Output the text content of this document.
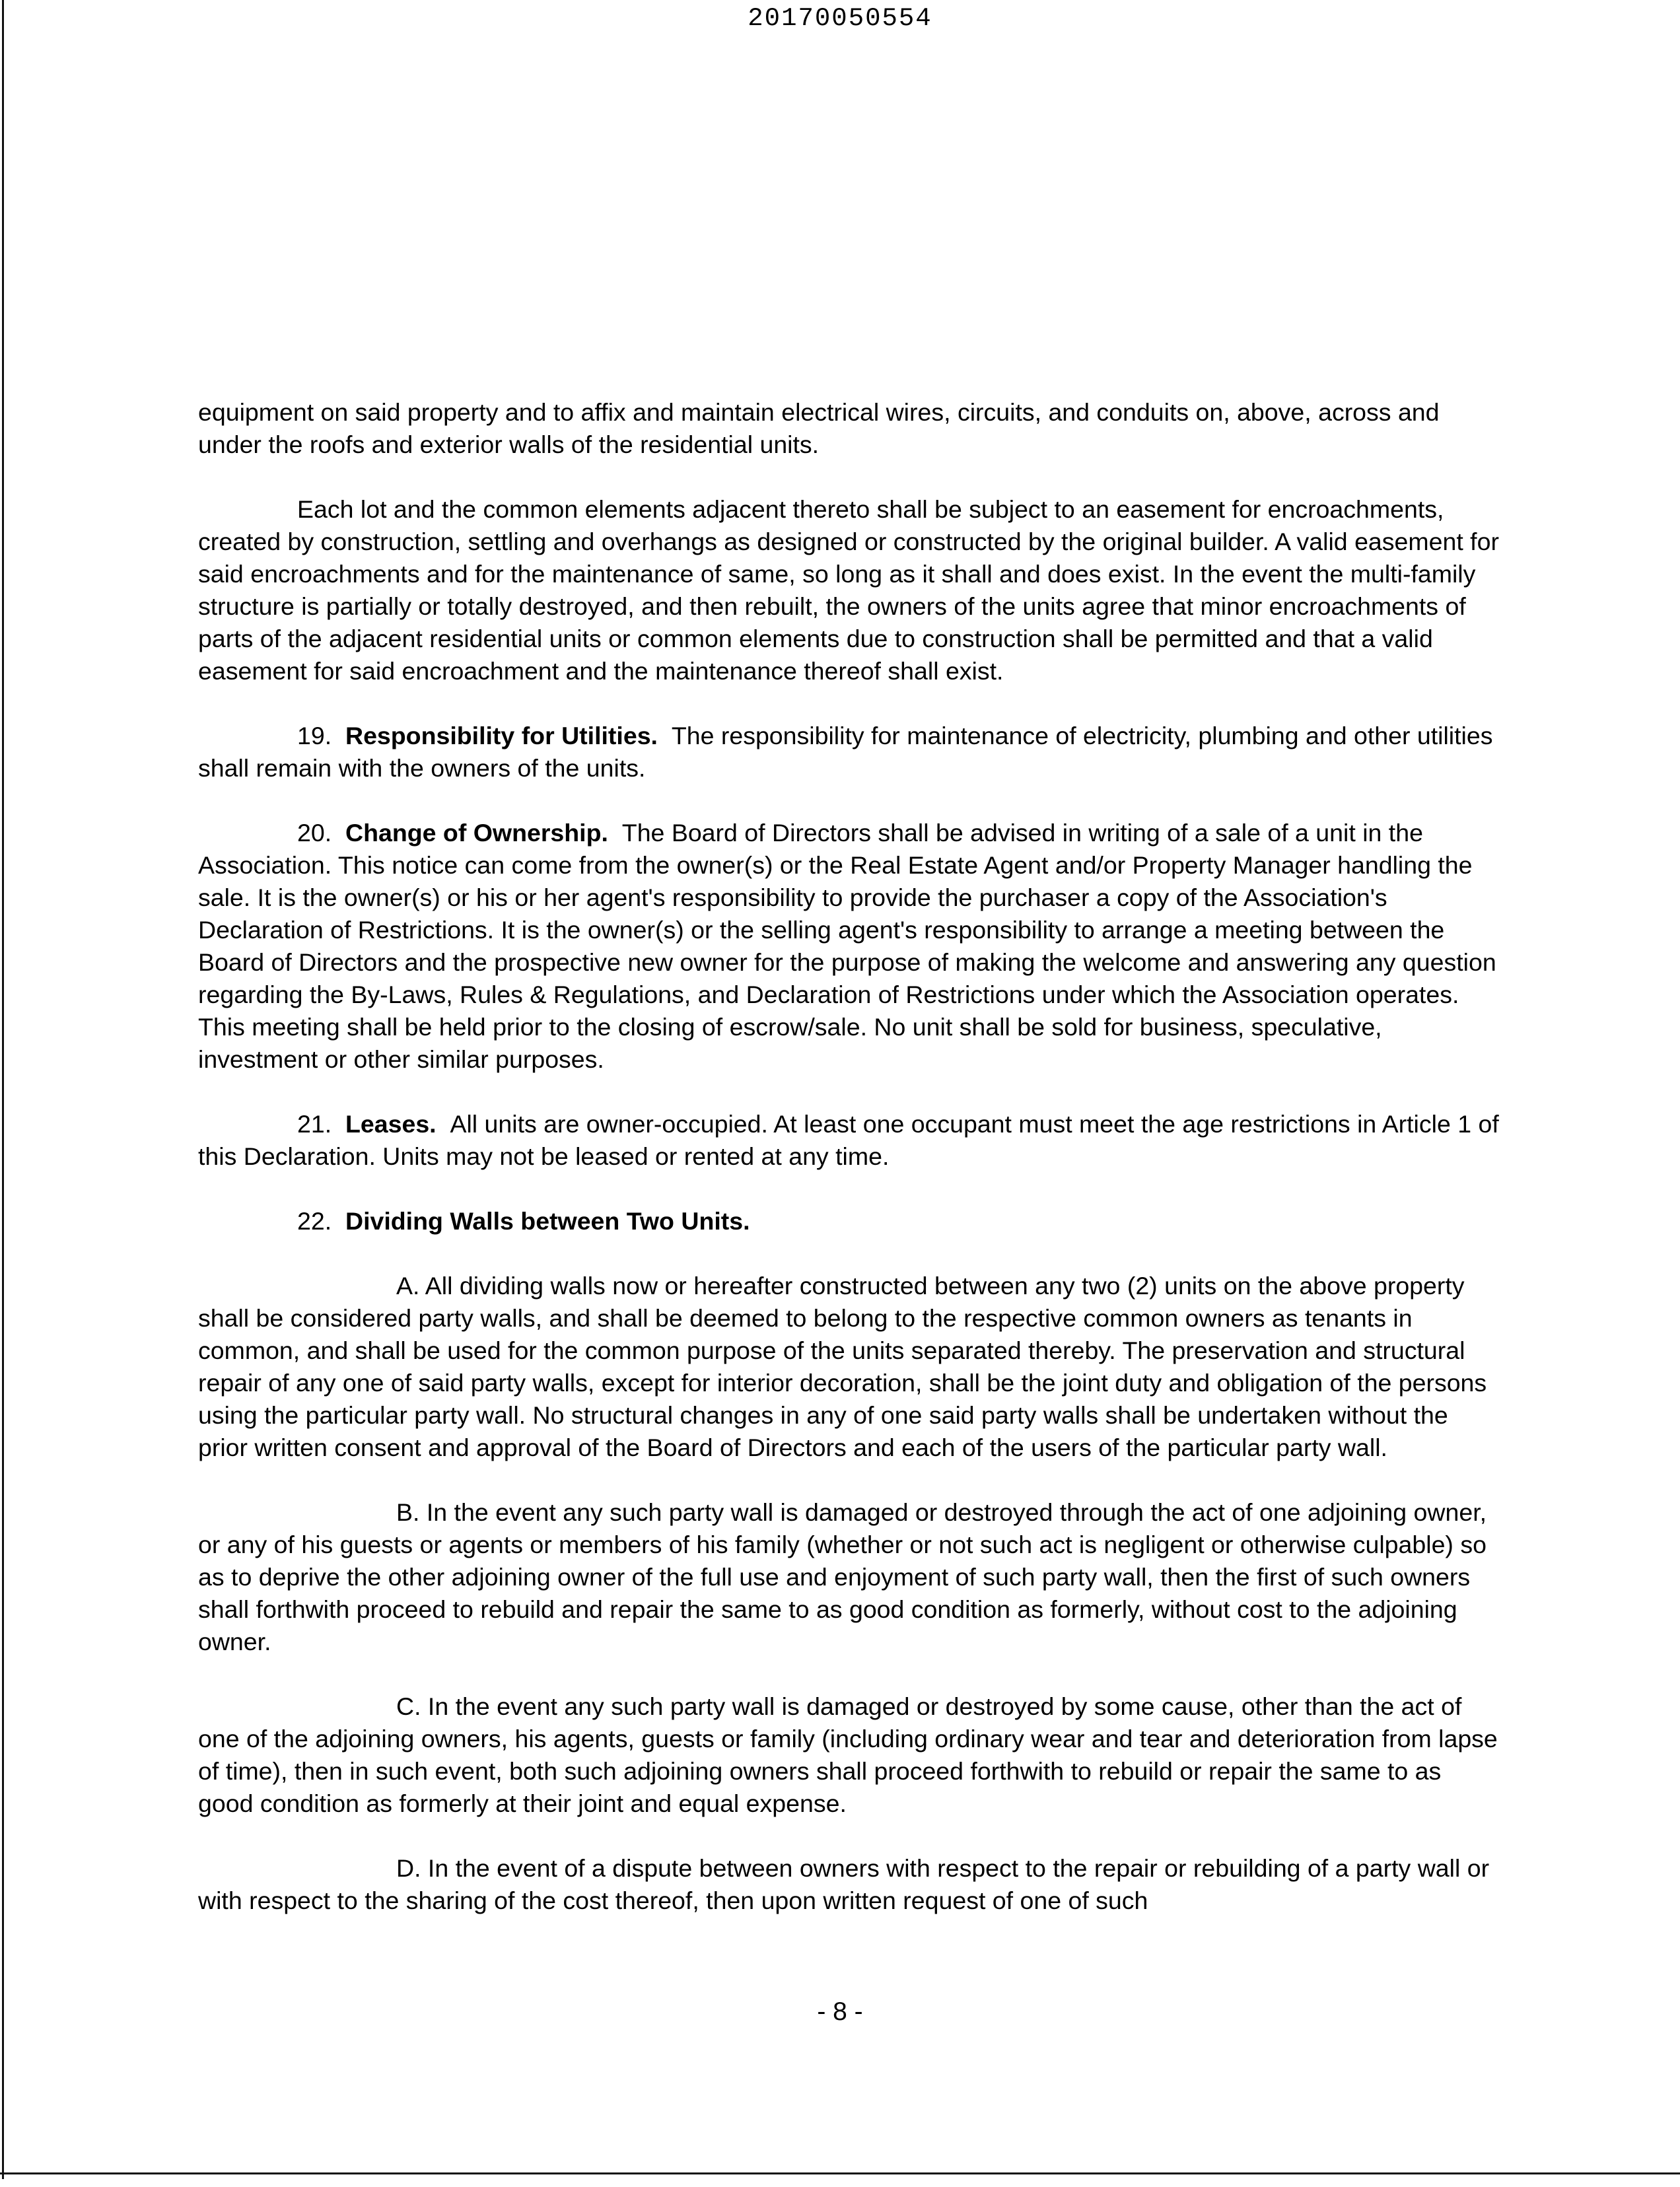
20170050554

equipment on said property and to affix and maintain electrical wires, circuits, and conduits on, above, across and under the roofs and exterior walls of the residential units.

Each lot and the common elements adjacent thereto shall be subject to an easement for encroachments, created by construction, settling and overhangs as designed or constructed by the original builder. A valid easement for said encroachments and for the maintenance of same, so long as it shall and does exist. In the event the multi-family structure is partially or totally destroyed, and then rebuilt, the owners of the units agree that minor encroachments of parts of the adjacent residential units or common elements due to construction shall be permitted and that a valid easement for said encroachment and the maintenance thereof shall exist.

19. Responsibility for Utilities. The responsibility for maintenance of electricity, plumbing and other utilities shall remain with the owners of the units.

20. Change of Ownership. The Board of Directors shall be advised in writing of a sale of a unit in the Association. This notice can come from the owner(s) or the Real Estate Agent and/or Property Manager handling the sale. It is the owner(s) or his or her agent's responsibility to provide the purchaser a copy of the Association's Declaration of Restrictions. It is the owner(s) or the selling agent's responsibility to arrange a meeting between the Board of Directors and the prospective new owner for the purpose of making the welcome and answering any question regarding the By-Laws, Rules & Regulations, and Declaration of Restrictions under which the Association operates. This meeting shall be held prior to the closing of escrow/sale. No unit shall be sold for business, speculative, investment or other similar purposes.

21. Leases. All units are owner-occupied. At least one occupant must meet the age restrictions in Article 1 of this Declaration. Units may not be leased or rented at any time.

22. Dividing Walls between Two Units.

A. All dividing walls now or hereafter constructed between any two (2) units on the above property shall be considered party walls, and shall be deemed to belong to the respective common owners as tenants in common, and shall be used for the common purpose of the units separated thereby. The preservation and structural repair of any one of said party walls, except for interior decoration, shall be the joint duty and obligation of the persons using the particular party wall. No structural changes in any of one said party walls shall be undertaken without the prior written consent and approval of the Board of Directors and each of the users of the particular party wall.

B. In the event any such party wall is damaged or destroyed through the act of one adjoining owner, or any of his guests or agents or members of his family (whether or not such act is negligent or otherwise culpable) so as to deprive the other adjoining owner of the full use and enjoyment of such party wall, then the first of such owners shall forthwith proceed to rebuild and repair the same to as good condition as formerly, without cost to the adjoining owner.

C. In the event any such party wall is damaged or destroyed by some cause, other than the act of one of the adjoining owners, his agents, guests or family (including ordinary wear and tear and deterioration from lapse of time), then in such event, both such adjoining owners shall proceed forthwith to rebuild or repair the same to as good condition as formerly at their joint and equal expense.

D. In the event of a dispute between owners with respect to the repair or rebuilding of a party wall or with respect to the sharing of the cost thereof, then upon written request of one of such

- 8 -
